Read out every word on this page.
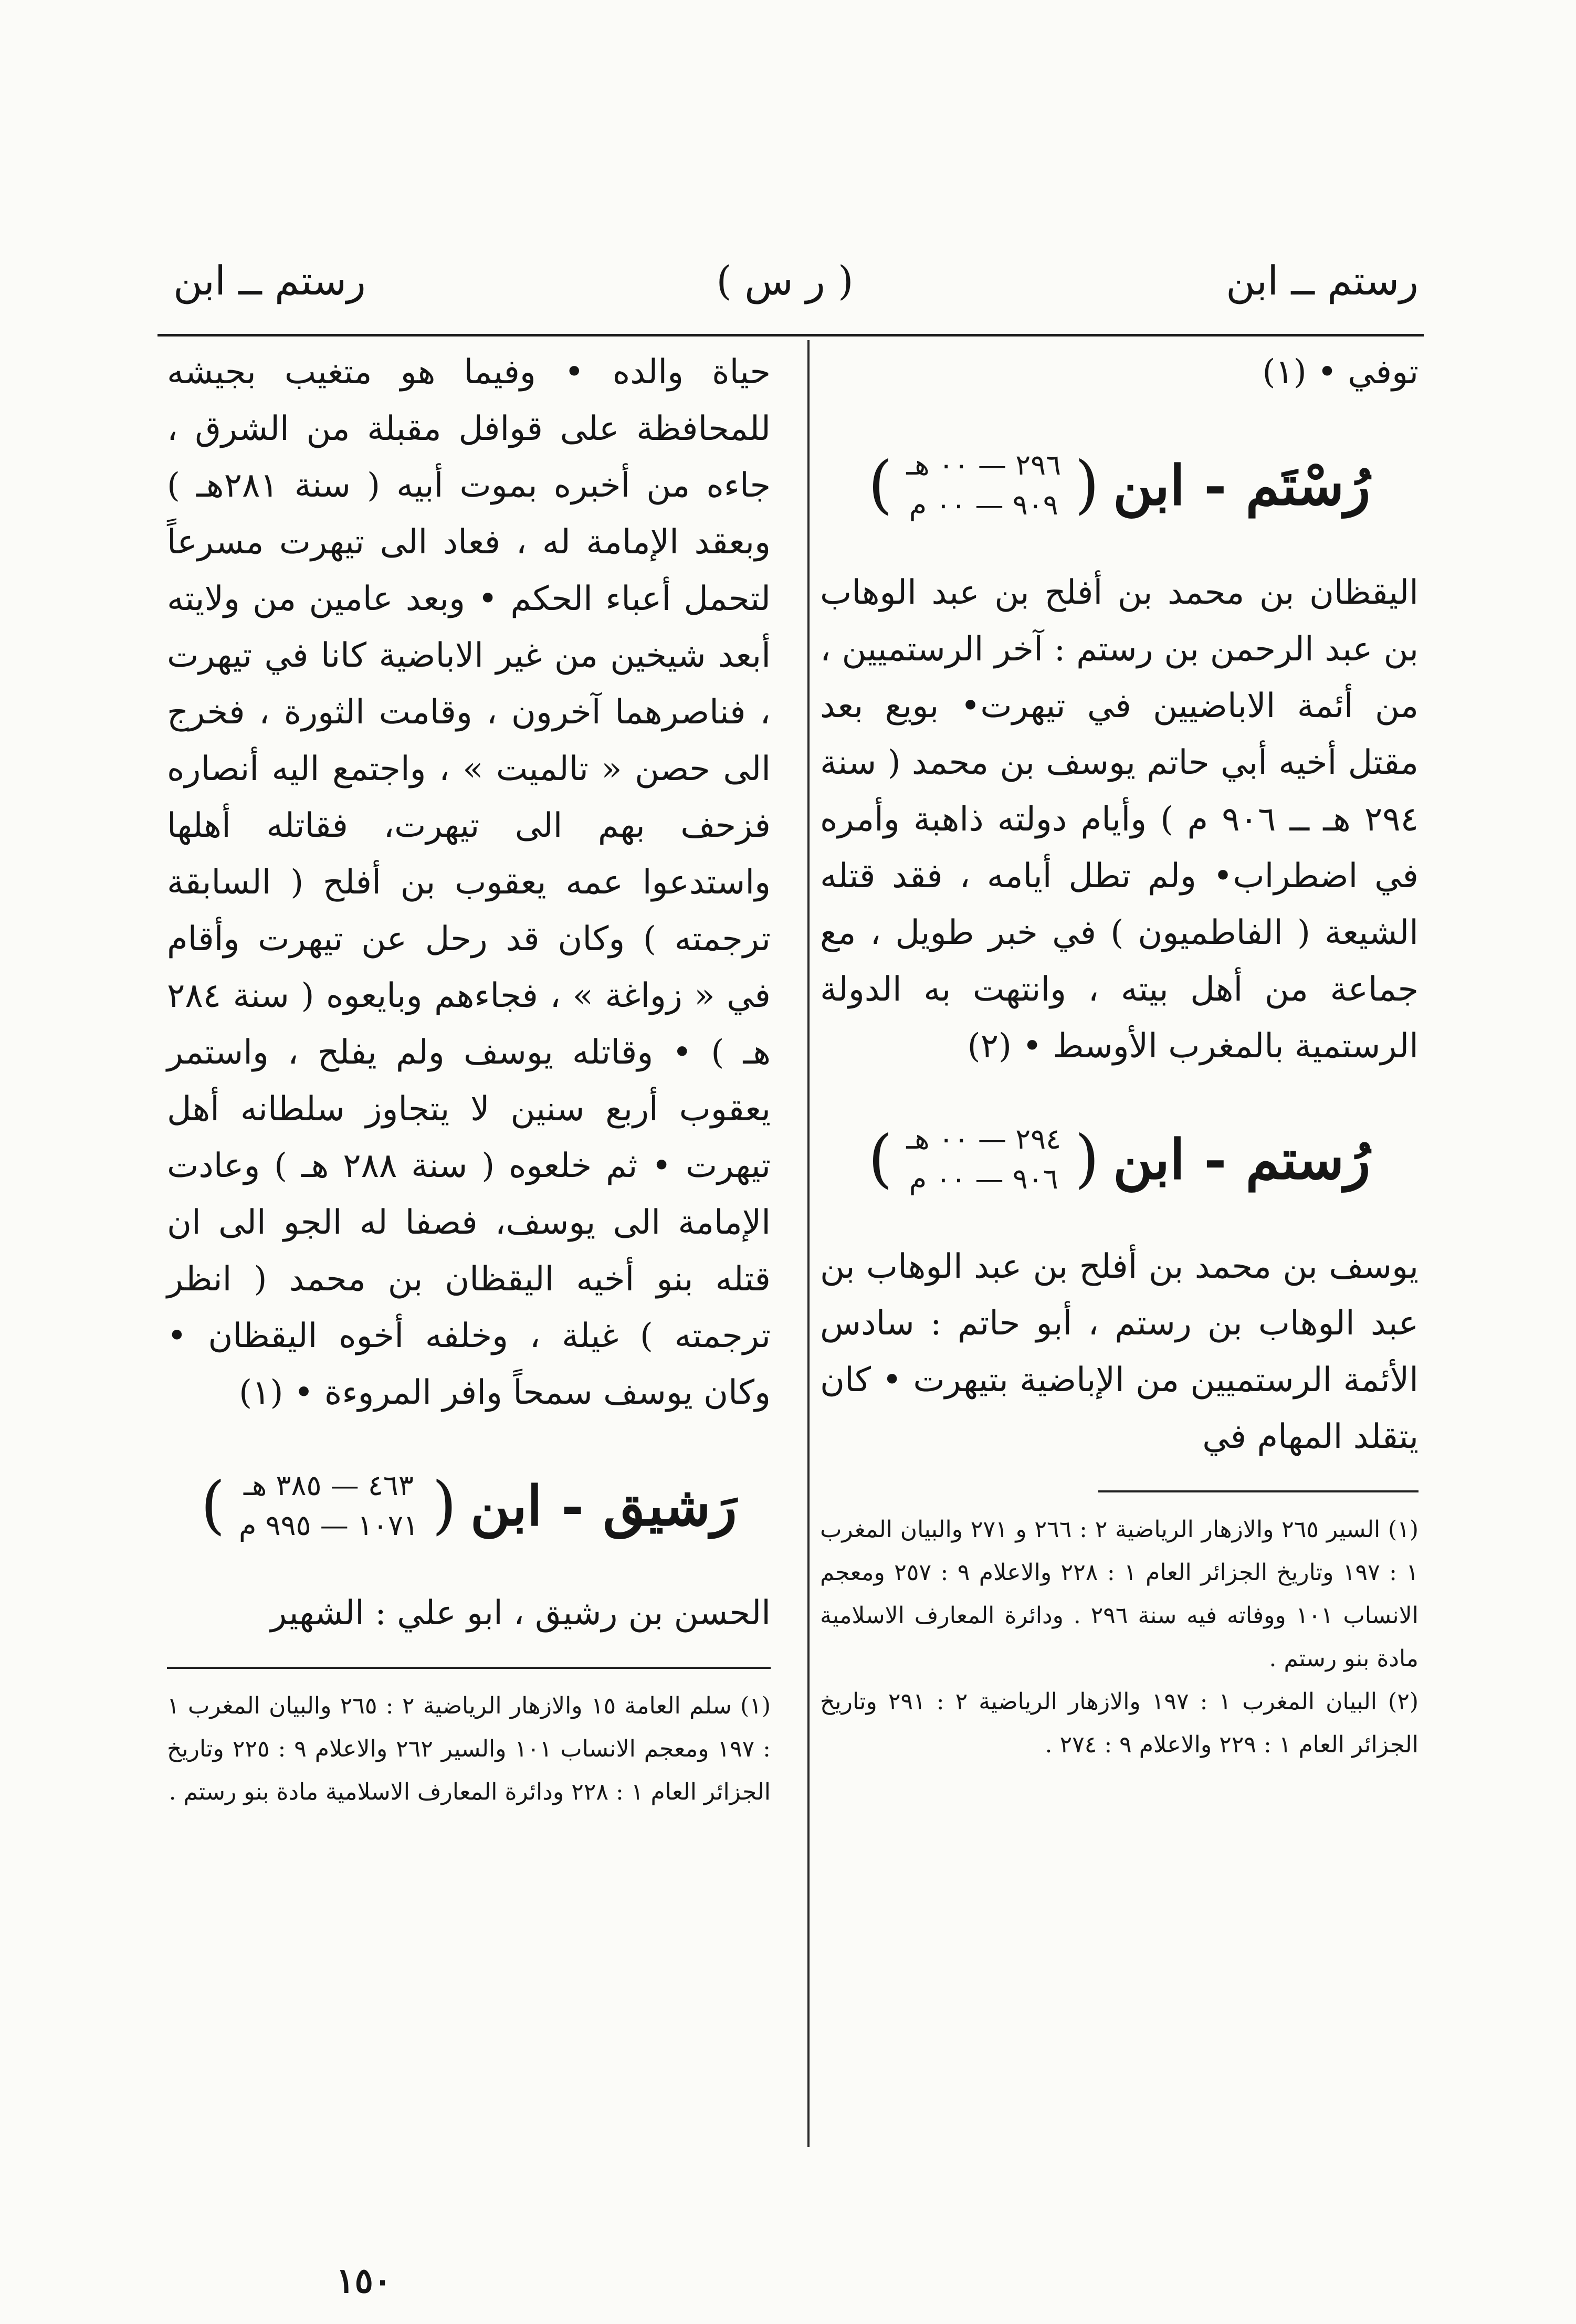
رستم ــ ابن
( ر س )
رستم ــ ابن

توفي • (١)

رُسْتَم - ابن
(
٢٩٦ — ٠٠ هـ
٩٠٩ — ٠٠ م
)

اليقظان بن محمد بن أفلح بن عبد الوهاب بن عبد الرحمن بن رستم : آخر الرستميين ، من أئمة الاباضيين في تيهرت• بويع بعد مقتل أخيه أبي حاتم يوسف بن محمد ( سنة ٢٩٤ هـ ــ ٩٠٦ م ) وأيام دولته ذاهبة وأمره في اضطراب• ولم تطل أيامه ، فقد قتله الشيعة ( الفاطميون ) في خبر طويل ، مع جماعة من أهل بيته ، وانتهت به الدولة الرستمية بالمغرب الأوسط • (٢)

رُستم - ابن
(
٢٩٤ — ٠٠ هـ
٩٠٦ — ٠٠ م
)

يوسف بن محمد بن أفلح بن عبد الوهاب بن عبد الوهاب بن رستم ، أبو حاتم : سادس الأئمة الرستميين من الإباضية بتيهرت • كان يتقلد المهام في

(١) السير ٢٦٥ والازهار الرياضية ٢ : ٢٦٦ و ٢٧١ والبيان المغرب ١ : ١٩٧ وتاريخ الجزائر العام ١ : ٢٢٨ والاعلام ٩ : ٢٥٧ ومعجم الانساب ١٠١ ووفاته فيه سنة ٢٩٦ . ودائرة المعارف الاسلامية مادة بنو رستم .

(٢) البيان المغرب ١ : ١٩٧ والازهار الرياضية ٢ : ٢٩١ وتاريخ الجزائر العام ١ : ٢٢٩ والاعلام ٩ : ٢٧٤ .

حياة والده • وفيما هو متغيب بجيشه للمحافظة على قوافل مقبلة من الشرق ، جاءه من أخبره بموت أبيه ( سنة ٢٨١هـ ) وبعقد الإمامة له ، فعاد الى تيهرت مسرعاً لتحمل أعباء الحكم • وبعد عامين من ولايته أبعد شيخين من غير الاباضية كانا في تيهرت ، فناصرهما آخرون ، وقامت الثورة ، فخرج الى حصن « تالميت » ، واجتمع اليه أنصاره فزحف بهم الى تيهرت، فقاتله أهلها واستدعوا عمه يعقوب بن أفلح ( السابقة ترجمته ) وكان قد رحل عن تيهرت وأقام في « زواغة » ، فجاءهم وبايعوه ( سنة ٢٨٤ هـ ) • وقاتله يوسف ولم يفلح ، واستمر يعقوب أربع سنين لا يتجاوز سلطانه أهل تيهرت • ثم خلعوه ( سنة ٢٨٨ هـ ) وعادت الإمامة الى يوسف، فصفا له الجو الى ان قتله بنو أخيه اليقظان بن محمد ( انظر ترجمته ) غيلة ، وخلفه أخوه اليقظان • وكان يوسف سمحاً وافر المروءة • (١)

رَشيق - ابن
(
٤٦٣ — ٣٨٥ هـ
١٠٧١ — ٩٩٥ م
)

الحسن بن رشيق ، ابو علي : الشهير

(١) سلم العامة ١٥ والازهار الرياضية ٢ : ٢٦٥ والبيان المغرب ١ : ١٩٧ ومعجم الانساب ١٠١ والسير ٢٦٢ والاعلام ٩ : ٢٢٥ وتاريخ الجزائر العام ١ : ٢٢٨ ودائرة المعارف الاسلامية مادة بنو رستم .

١٥٠
